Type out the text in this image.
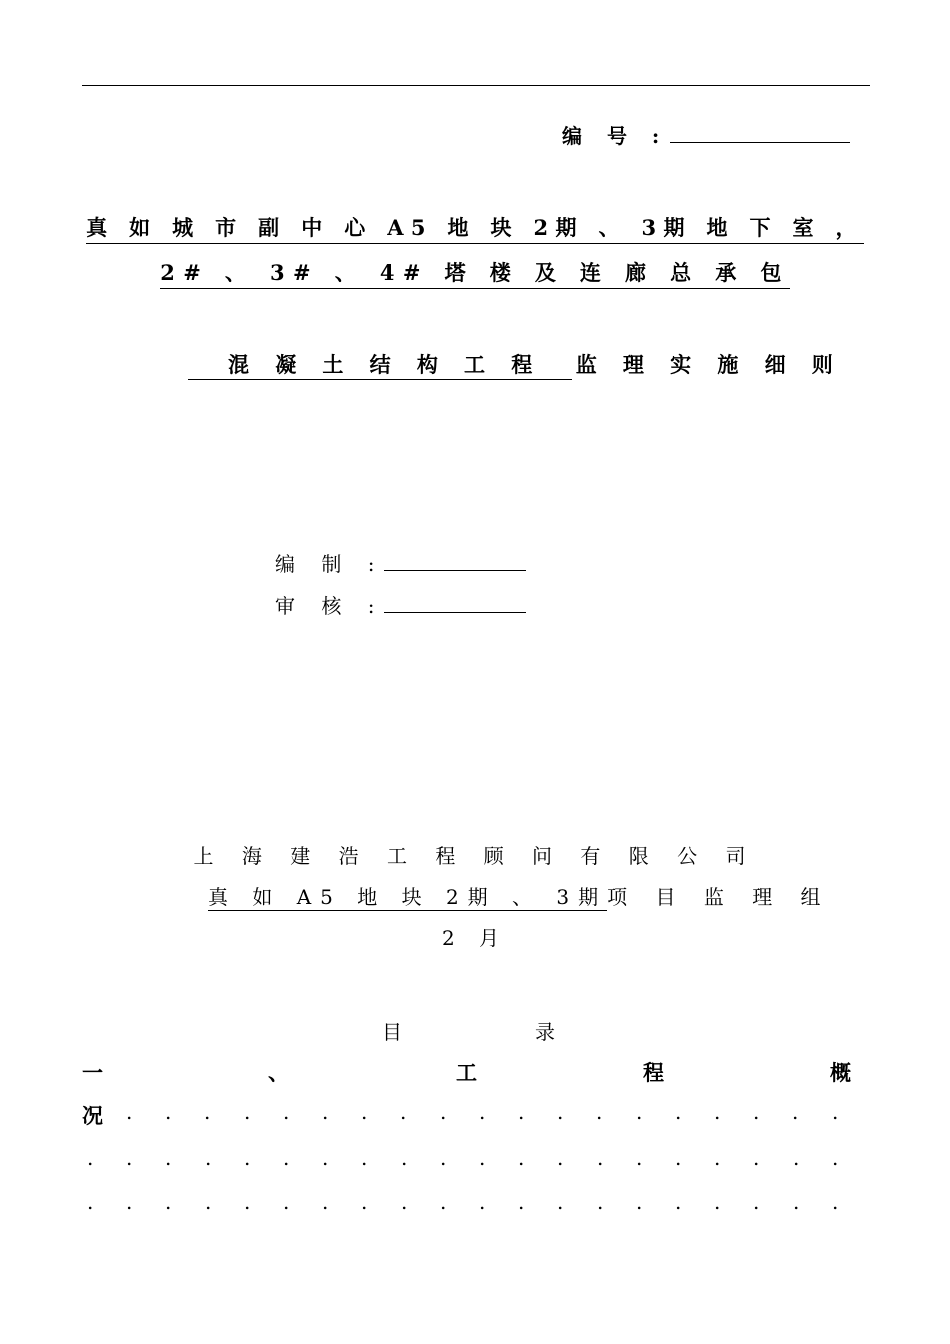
编 号 :
真 如 城 市 副 中 心 A5 地 块 2期 、 3期 地 下 室 ，
2# 、 3# 、 4# 塔 楼 及 连 廊 总 承 包
混 凝 土 结 构 工 程 监 理 实 施 细 则
编 制 :
审 核 :
上 海 建 浩 工 程 顾 问 有 限 公 司
真 如 A5 地 块 2期 、 3期项 目 监 理 组
2 月
目	录
一	、	工	程	概
况 . . . . . . . . . . . . . . . . . . .
. . . . . . . . . . . . . . . . . . . .
. . . . . . . . . . . . . . . . . . . .
